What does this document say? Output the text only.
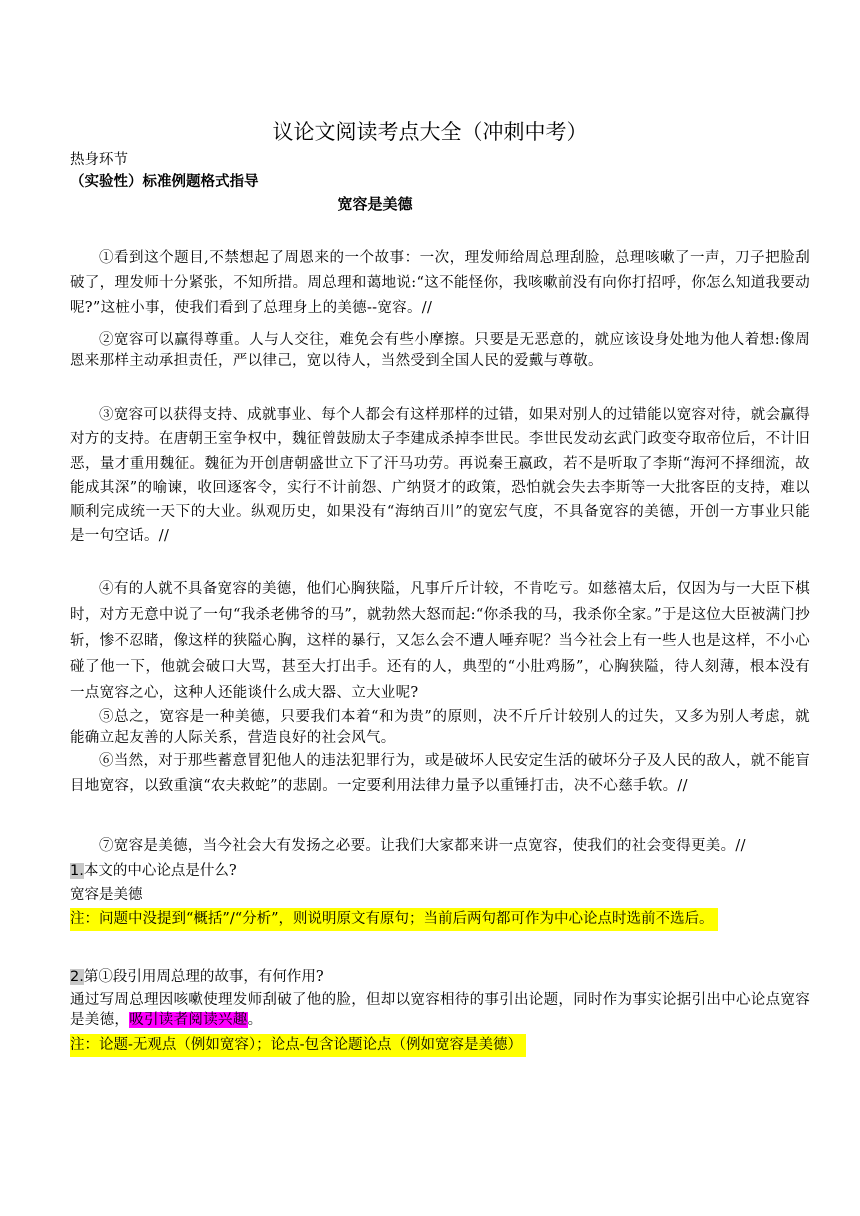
议论文阅读考点大全（冲刺中考）
热身环节
（实验性）标准例题格式指导
宽容是美德
①看到这个题目,不禁想起了周恩来的一个故事：一次，理发师给周总理刮脸，总理咳嗽了一声，刀子把脸刮破了，理发师十分紧张，不知所措。周总理和蔼地说:“这不能怪你，我咳嗽前没有向你打招呼，你怎么知道我要动呢?”这桩小事，使我们看到了总理身上的美德--宽容。//
②宽容可以赢得尊重。人与人交往，难免会有些小摩擦。只要是无恶意的，就应该设身处地为他人着想:像周恩来那样主动承担责任，严以律己，宽以待人，当然受到全国人民的爱戴与尊敬。
③宽容可以获得支持、成就事业、每个人都会有这样那样的过错，如果对别人的过错能以宽容对待，就会赢得对方的支持。在唐朝王室争权中，魏征曾鼓励太子李建成杀掉李世民。李世民发动玄武门政变夺取帝位后，不计旧恶，量才重用魏征。魏征为开创唐朝盛世立下了汗马功劳。再说秦王嬴政，若不是听取了李斯“海河不择细流，故能成其深”的喻谏，收回逐客令，实行不计前怨、广纳贤才的政策，恐怕就会失去李斯等一大批客臣的支持，难以顺利完成统一天下的大业。纵观历史，如果没有“海纳百川”的宽宏气度，不具备宽容的美德，开创一方事业只能是一句空话。//
④有的人就不具备宽容的美德，他们心胸狭隘，凡事斤斤计较，不肯吃亏。如慈禧太后，仅因为与一大臣下棋时，对方无意中说了一句“我杀老佛爷的马”，就勃然大怒而起:“你杀我的马，我杀你全家。”于是这位大臣被满门抄斩，惨不忍睹，像这样的狭隘心胸，这样的暴行，又怎么会不遭人唾弃呢？当今社会上有一些人也是这样，不小心碰了他一下，他就会破口大骂，甚至大打出手。还有的人，典型的“小肚鸡肠”，心胸狭隘，待人刻薄，根本没有一点宽容之心，这种人还能谈什么成大器、立大业呢?
⑤总之，宽容是一种美德，只要我们本着“和为贵”的原则，决不斤斤计较别人的过失，又多为别人考虑，就能确立起友善的人际关系，营造良好的社会风气。
⑥当然，对于那些蓄意冒犯他人的违法犯罪行为，或是破坏人民安定生活的破坏分子及人民的敌人，就不能盲目地宽容，以致重演“农夫救蛇”的悲剧。一定要利用法律力量予以重锤打击，决不心慈手软。//
⑦宽容是美德，当今社会大有发扬之必要。让我们大家都来讲一点宽容，使我们的社会变得更美。//
1.本文的中心论点是什么?
宽容是美德
注：问题中没提到“概括”/“分析”，则说明原文有原句；当前后两句都可作为中心论点时选前不选后。
2.第①段引用周总理的故事，有何作用?
通过写周总理因咳嗽使理发师刮破了他的脸，但却以宽容相待的事引出论题，同时作为事实论据引出中心论点宽容是美德，吸引读者阅读兴趣。
注：论题-无观点（例如宽容）；论点-包含论题论点（例如宽容是美德）
